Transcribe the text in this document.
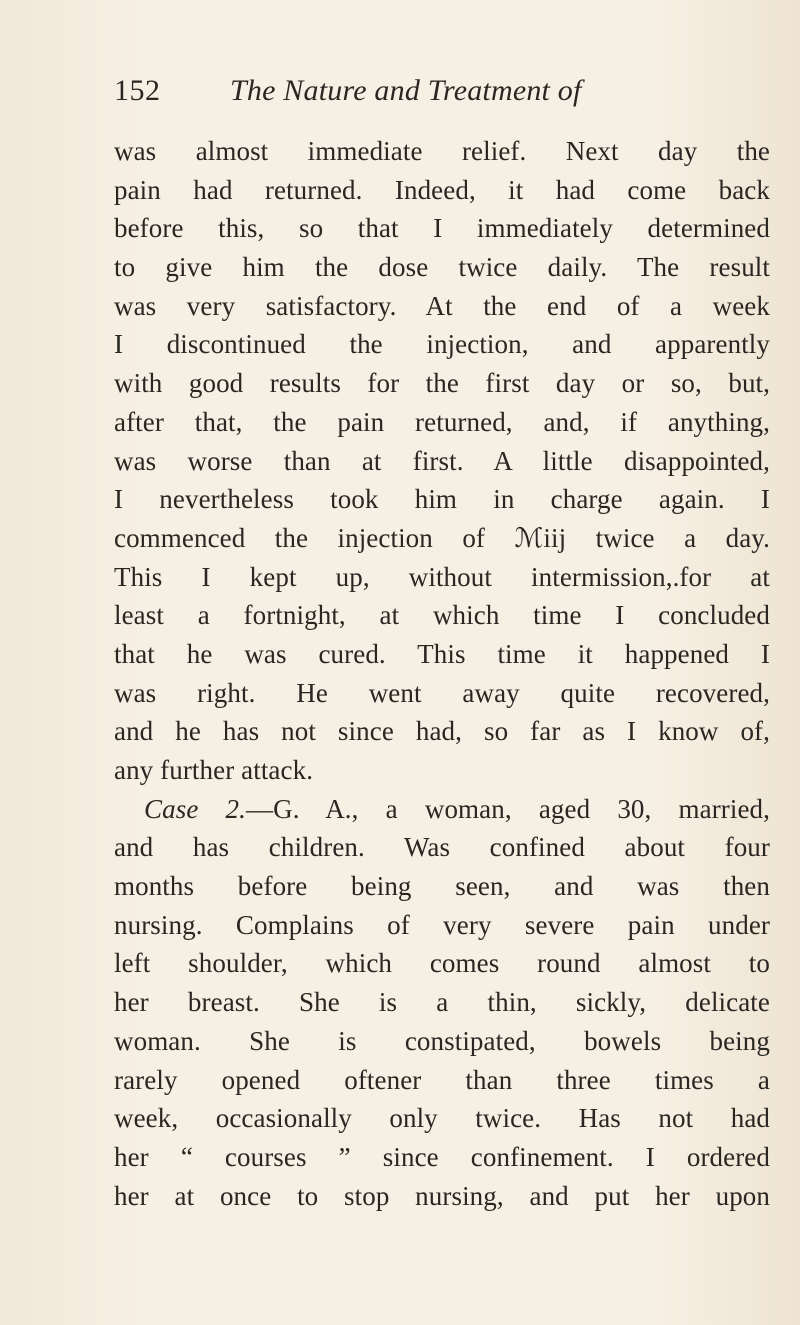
152 The Nature and Treatment of
was almost immediate relief. Next day the
pain had returned. Indeed, it had come back
before this, so that I immediately determined
to give him the dose twice daily. The result
was very satisfactory. At the end of a week
I discontinued the injection, and apparently
with good results for the first day or so, but,
after that, the pain returned, and, if anything,
was worse than at first. A little disappointed,
I nevertheless took him in charge again. I
commenced the injection of ℳiij twice a day.
This I kept up, without intermission,.for at
least a fortnight, at which time I concluded
that he was cured. This time it happened I
was right. He went away quite recovered,
and he has not since had, so far as I know of,
any further attack.
Case 2.—G. A., a woman, aged 30, married,
and has children. Was confined about four
months before being seen, and was then
nursing. Complains of very severe pain under
left shoulder, which comes round almost to
her breast. She is a thin, sickly, delicate
woman. She is constipated, bowels being
rarely opened oftener than three times a
week, occasionally only twice. Has not had
her “ courses ” since confinement. I ordered
her at once to stop nursing, and put her upon
